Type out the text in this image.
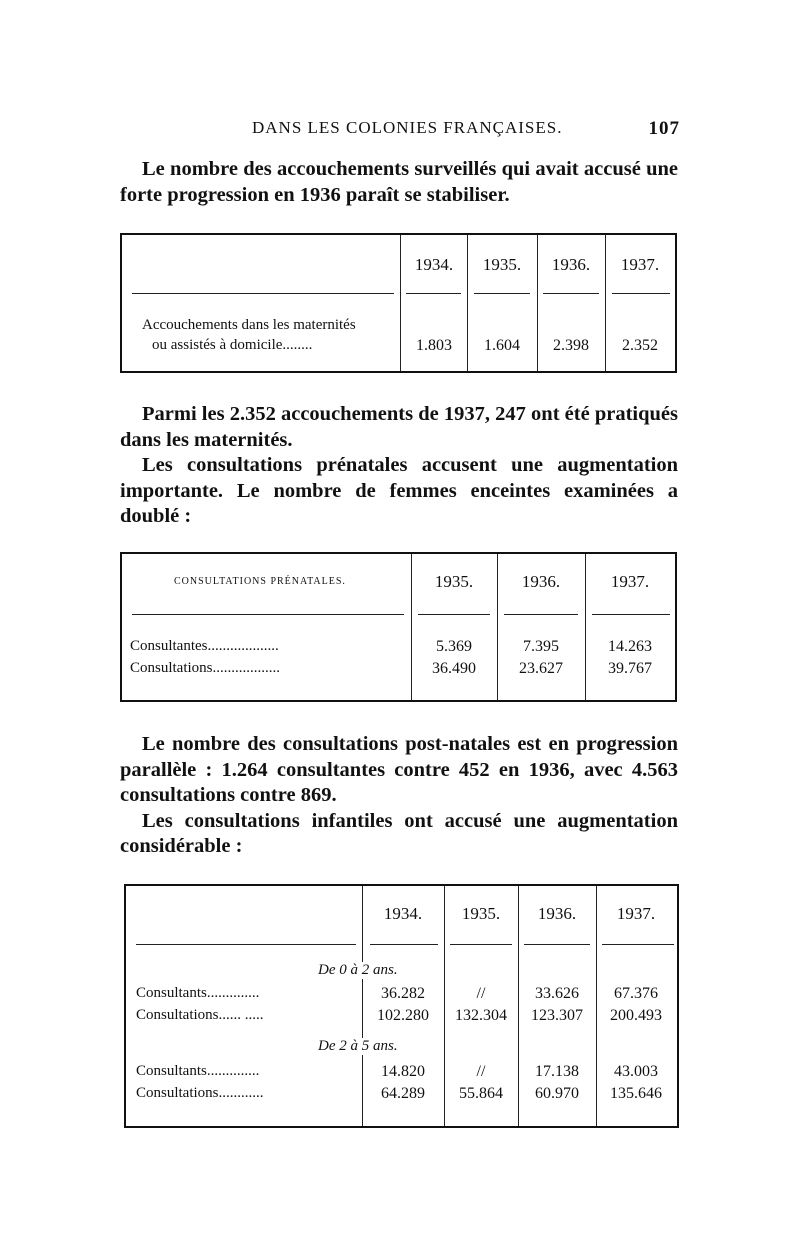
DANS LES COLONIES FRANÇAISES.	107

Le nombre des accouchements surveillés qui avait accusé une forte progression en 1936 paraît se stabiliser.

1934.	1935.	1936.	1937.
Accouchements dans les maternités
ou assistés à domicile........	1.803	1.604	2.398	2.352

Parmi les 2.352 accouchements de 1937, 247 ont été pratiqués dans les maternités.

Les consultations prénatales accusent une augmentation importante. Le nombre de femmes enceintes examinées a doublé :

CONSULTATIONS PRÉNATALES.	1935.	1936.	1937.
Consultantes...................	5.369	7.395	14.263
Consultations..................	36.490	23.627	39.767

Le nombre des consultations post-natales est en progression parallèle : 1.264 consultantes contre 452 en 1936, avec 4.563 consultations contre 869.

Les consultations infantiles ont accusé une augmentation considérable :

1934.	1935.	1936.	1937.
De 0 à 2 ans.
Consultants..............	36.282	//	33.626	67.376
Consultations...... .....	102.280	132.304	123.307	200.493
De 2 à 5 ans.
Consultants..............	14.820	//	17.138	43.003
Consultations............	64.289	55.864	60.970	135.646
